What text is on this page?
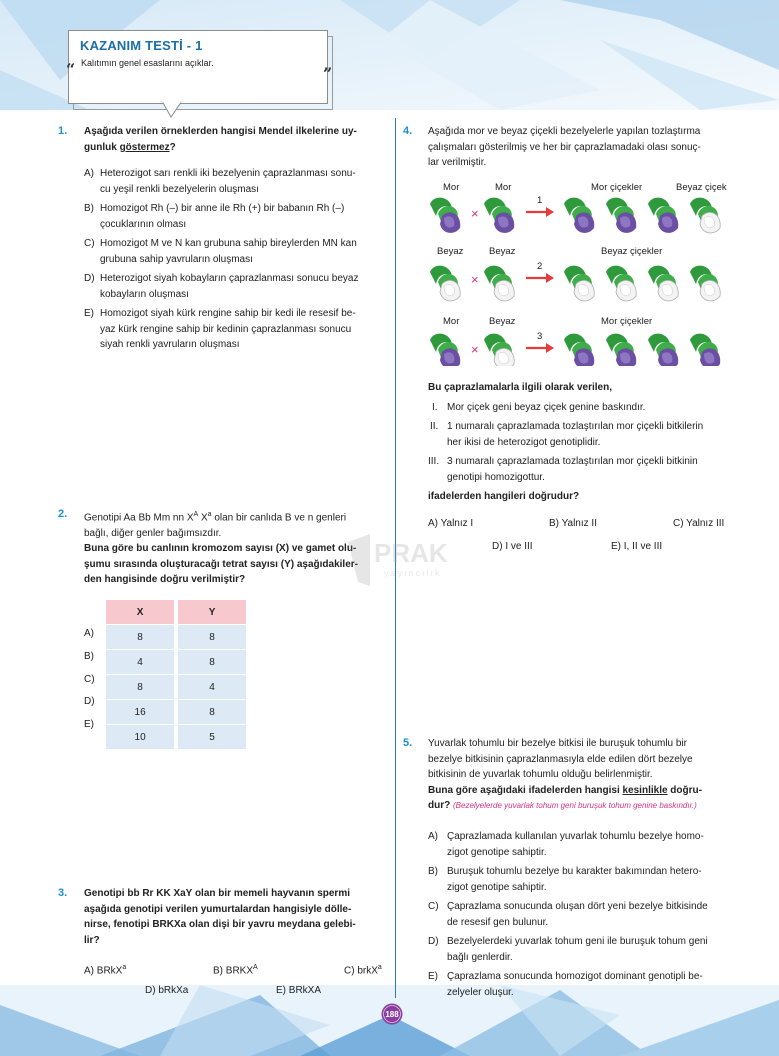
KAZANIM TESTİ - 1
Kalıtımın genel esaslarını açıklar.
“	”
1. Aşağıda verilen örneklerden hangisi Mendel ilkelerine uy-
gunluk göstermez?
A) Heterozigot sarı renkli iki bezelyenin çaprazlanması sonu-
cu yeşil renkli bezelyelerin oluşması
B) Homozigot Rh (–) bir anne ile Rh (+) bir babanın Rh (–)
çocuklarının olması
C) Homozigot M ve N kan grubuna sahip bireylerden MN kan
grubuna sahip yavruların oluşması
D) Heterozigot siyah kobayların çaprazlanması sonucu beyaz
kobayların oluşması
E) Homozigot siyah kürk rengine sahip bir kedi ile resesif be-
yaz kürk rengine sahip bir kedinin çaprazlanması sonucu
siyah renkli yavruların oluşması
2. Genotipi Aa Bb Mm nn $X^A$ $X^a$ olan bir canlıda B ve n genleri
bağlı, diğer genler bağımsızdır.
Buna göre bu canlının kromozom sayısı (X) ve gamet olu-
şumu sırasında oluşturacağı tetrat sayısı (Y) aşağıdakiler-
den hangisinde doğru verilmiştir?
X		Y
8		8
4		8
8		4
16		8
10		5
A)
B)
C)
D)
E)
PRAK
yayıncılık
3. Genotipi bb Rr KK XaY olan bir memeli hayvanın spermi
aşağıda genotipi verilen yumurtalardan hangisiyle dölle-
nirse, fenotipi BRKXa olan dişi bir yavru meydana gelebi-
lir?
A) BRkX$^a$	B) $BRKX^A$	C) brkX$^a$
D) bRkXa	E) BRkXA
4. Aşağıda mor ve beyaz çiçekli bezelyelerle yapılan tozlaştırma
çalışmaları gösterilmiş ve her bir çaprazlamadaki olası sonuç-
lar verilmiştir.
Mor	Mor	Mor çiçekler	Beyaz çiçek
1
Beyaz	Beyaz	Beyaz çiçekler
2
Mor	Beyaz	Mor çiçekler
3
×
×
×
Bu çaprazlamalarla ilgili olarak verilen,
I. Mor çiçek geni beyaz çiçek genine baskındır.
II. 1 numaralı çaprazlamada tozlaştırılan mor çiçekli bitkilerin
her ikisi de heterozigot genotiplidir.
III. 3 numaralı çaprazlamada tozlaştırılan mor çiçekli bitkinin
genotipi homozigottur.
ifadelerden hangileri doğrudur?
A) Yalnız I	B) Yalnız II	C) Yalnız III
D) I ve III	E) I, II ve III
5. Yuvarlak tohumlu bir bezelye bitkisi ile buruşuk tohumlu bir
bezelye bitkisinin çaprazlanmasıyla elde edilen dört bezelye
bitkisinin de yuvarlak tohumlu olduğu belirlenmiştir.
Buna göre aşağıdaki ifadelerden hangisi kesinlikle doğru-
dur? (Bezelyelerde yuvarlak tohum geni buruşuk tohum genine baskındır.)
A) Çaprazlamada kullanılan yuvarlak tohumlu bezelye homo-
zigot genotipe sahiptir.
B) Buruşuk tohumlu bezelye bu karakter bakımından hetero-
zigot genotipe sahiptir.
C) Çaprazlama sonucunda oluşan dört yeni bezelye bitkisinde
de resesif gen bulunur.
D) Bezelyelerdeki yuvarlak tohum geni ile buruşuk tohum geni
bağlı genlerdir.
E) Çaprazlama sonucunda homozigot dominant genotipli be-
zelyeler oluşur.
188
